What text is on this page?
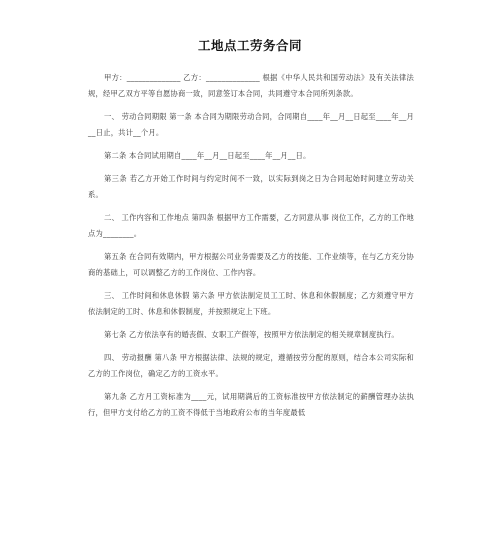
工地点工劳务合同

甲方：______________ 乙方：______________ 根据《中华人民共和国劳动法》及有关法律法规，经甲乙双方平等自愿协商一致，同意签订本合同，共同遵守本合同所列条款。

一、 劳动合同期限 第一条 本合同为期限劳动合同，合同期自____年__月__日起至____年__月__日止，共计__个月。

第二条 本合同试用期自____年__月__日起至____年__月__日。

第三条 若乙方开始工作时间与约定时间不一致，以实际到岗之日为合同起始时间建立劳动关系。

二、 工作内容和工作地点 第四条 根据甲方工作需要，乙方同意从事 岗位工作，乙方的工作地点为________。

第五条 在合同有效期内，甲方根据公司业务需要及乙方的技能、工作业绩等，在与乙方充分协商的基础上，可以调整乙方的工作岗位、工作内容。

三、 工作时间和休息休假 第六条 甲方依法制定员工工时、休息和休假制度；乙方须遵守甲方依法制定的工时、休息和休假制度，并按照规定上下班。

第七条 乙方依法享有的婚丧假、女职工产假等，按照甲方依法制定的相关规章制度执行。

四、 劳动报酬 第八条 甲方根据法律、法规的规定，遵循按劳分配的原则，结合本公司实际和 乙方的工作岗位，确定乙方的工资水平。

第九条 乙方月工资标准为____元，试用期满后的工资标准按甲方依法制定的薪酬管理办法执行，但甲方支付给乙方的工资不得低于当地政府公布的当年度最低
